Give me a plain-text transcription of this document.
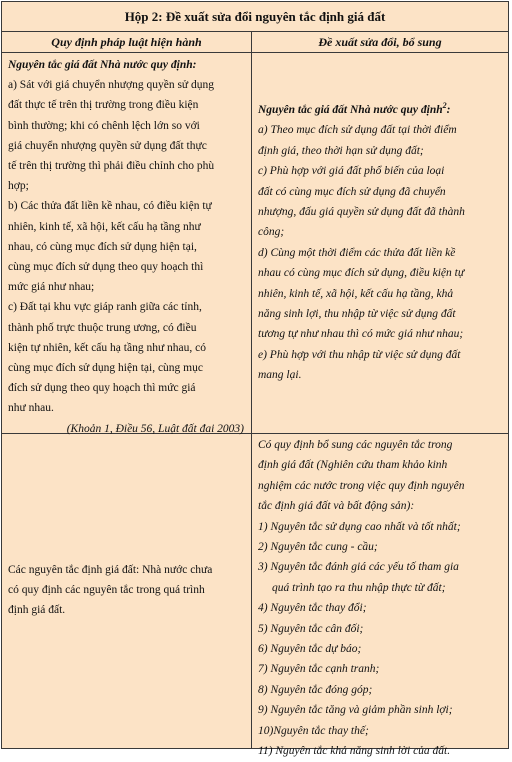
Hộp 2: Đề xuất sửa đổi nguyên tắc định giá đất
Quy định pháp luật hiện hành	Đề xuất sửa đổi, bổ sung

Nguyên tắc giá đất Nhà nước quy định:

a) Sát với giá chuyển nhượng quyền sử dụng

đất thực tế trên thị trường trong điều kiện

bình thường; khi có chênh lệch lớn so với

giá chuyển nhượng quyền sử dụng đất thực

tế trên thị trường thì phải điều chỉnh cho phù

hợp;

b) Các thửa đất liền kề nhau, có điều kiện tự

nhiên, kinh tế, xã hội, kết cấu hạ tầng như

nhau, có cùng mục đích sử dụng hiện tại,

cùng mục đích sử dụng theo quy hoạch thì

mức giá như nhau;

c) Đất tại khu vực giáp ranh giữa các tỉnh,

thành phố trực thuộc trung ương, có điều

kiện tự nhiên, kết cấu hạ tầng như nhau, có

cùng mục đích sử dụng hiện tại, cùng mục

đích sử dụng theo quy hoạch thì mức giá

như nhau.

(Khoản 1, Điều 56, Luật đất đai 2003)

Nguyên tắc giá đất Nhà nước quy định$^2$:

a) Theo mục đích sử dụng đất tại thời điểm

định giá, theo thời hạn sử dụng đất;

c) Phù hợp với giá đất phổ biến của loại

đất có cùng mục đích sử dụng đã chuyển

nhượng, đấu giá quyền sử dụng đất đã thành

công;

d) Cùng một thời điểm các thửa đất liền kề

nhau có cùng mục đích sử dụng, điều kiện tự

nhiên, kinh tế, xã hội, kết cấu hạ tầng, khả

năng sinh lợi, thu nhập từ việc sử dụng đất

tương tự như nhau thì có mức giá như nhau;

e) Phù hợp với thu nhập từ việc sử dụng đất

mang lại.

Các nguyên tắc định giá đất: Nhà nước chưa

có quy định các nguyên tắc trong quá trình

định giá đất.

Có quy định bổ sung các nguyên tắc trong

định giá đất (Nghiên cứu tham khảo kinh

nghiệm các nước trong việc quy định nguyên

tắc định giá đất và bất động sản):

1) Nguyên tắc sử dụng cao nhất và tốt nhất;

2) Nguyên tắc cung - cầu;

3) Nguyên tắc đánh giá các yếu tố tham gia

quá trình tạo ra thu nhập thực từ đất;

4) Nguyên tắc thay đổi;

5) Nguyên tắc cân đối;

6) Nguyên tắc dự báo;

7) Nguyên tắc cạnh tranh;

8) Nguyên tắc đóng góp;

9) Nguyên tắc tăng và giảm phần sinh lợi;

10)Nguyên tắc thay thế;

11) Nguyên tắc khả năng sinh lời của đất.
